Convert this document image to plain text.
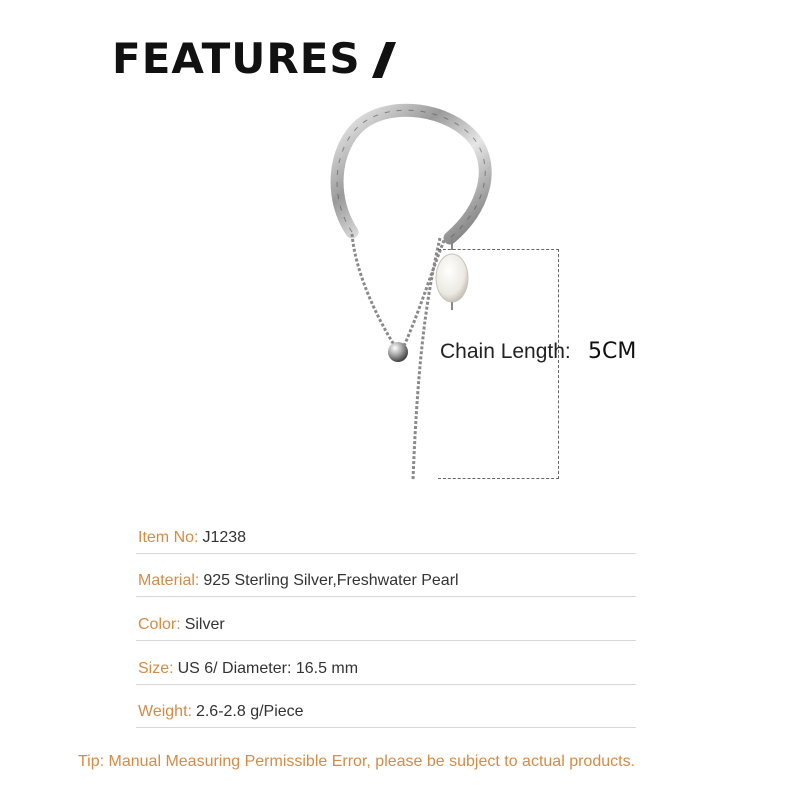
FEATURES
Chain Length: 5CM
Item No: J1238
Material: 925 Sterling Silver,Freshwater Pearl
Color: Silver
Size: US 6/ Diameter: 16.5 mm
Weight: 2.6-2.8 g/Piece
Tip: Manual Measuring Permissible Error, please be subject to actual products.
